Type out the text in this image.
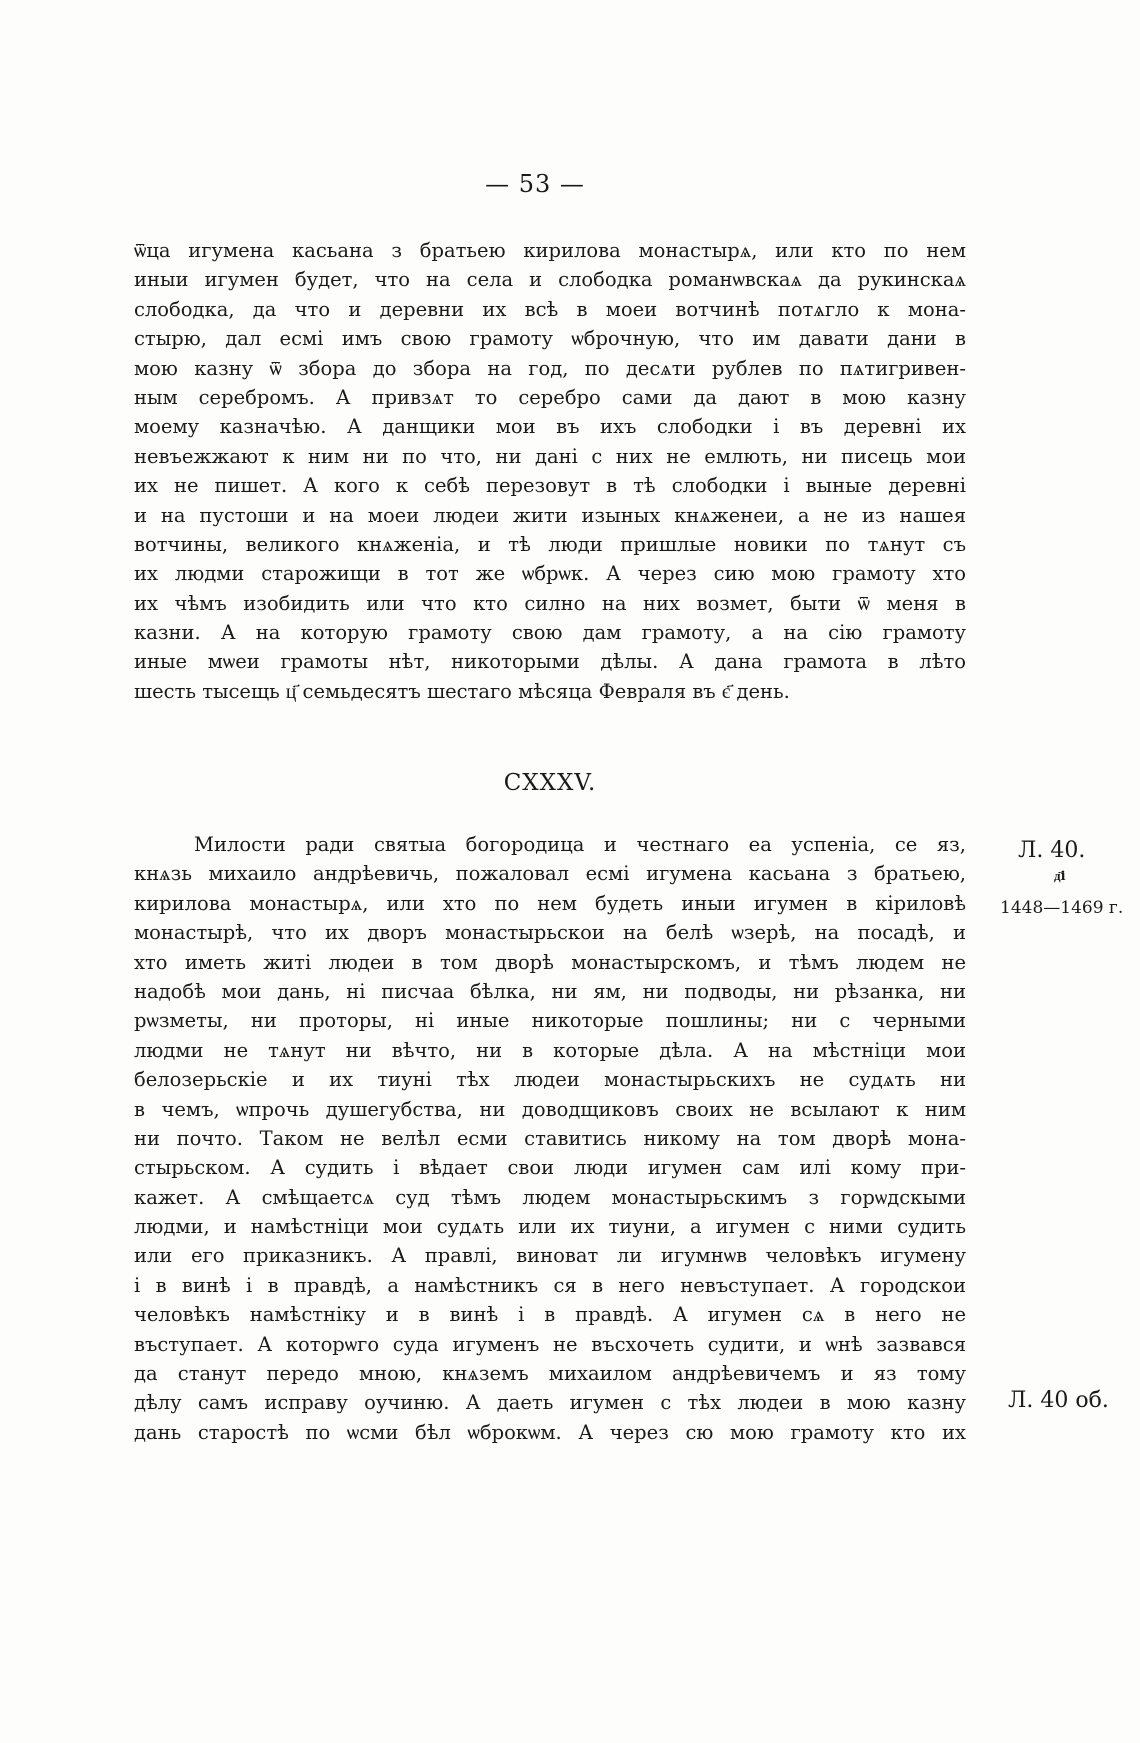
— 53 —
ѿца игумена касьана з братьею кирилова монастырѧ, или кто по нем
иныи игумен будет, что на села и слободка романѡвскаѧ да рукинскаѧ
слободка, да что и деревни их всѣ в моеи вотчинѣ потѧгло к мона-
стырю, дал есмі имъ свою грамоту ѡброчную, что им давати дани в
мою казну ѿ збора до збора на год, по десѧти рублев по пѧтигривен-
ным серебромъ. А привзѧт то серебро сами да дают в мою казну
моему казначѣю. А данщики мои въ ихъ слободки і въ деревні их
невъежжают к ним ни по что, ни дані с них не емлють, ни писець мои
их не пишет. А кого к себѣ перезовут в тѣ слободки і выные деревні
и на пустоши и на моеи людеи жити изыных кнѧженеи, а не из нашея
вотчины, великого кнѧженіа, и тѣ люди пришлые новики по тѧнут съ
их людми старожищи в тот же ѡбрѡк. А через сию мою грамоту хто
их чѣмъ изобидить или что кто силно на них возмет, быти ѿ меня в
казни. А на которую грамоту свою дам грамоту, а на сію грамоту
иные мѡеи грамоты нѣт, никоторыми дѣлы. А дана грамота в лѣто
шесть тысещь ц҃ семьдесятъ шестаго мѣсяца Февраля въ є҃ день.
CXXXV.
Милости ради святыа богородица и честнаго еа успеніа, се яз,
кнѧзь михаило андрѣевичь, пожаловал есмі игумена касьана з братьею,
кирилова монастырѧ, или хто по нем будеть иныи игумен в кіриловѣ
монастырѣ, что их дворъ монастырьскои на белѣ ѡзерѣ, на посадѣ, и
хто иметь житі людеи в том дворѣ монастырскомъ, и тѣмъ людем не
надобѣ мои дань, ні писчаа бѣлка, ни ям, ни подводы, ни рѣзанка, ни
рѡзметы, ни проторы, ні иные никоторые пошлины; ни с черными
людми не тѧнут ни вѣчто, ни в которые дѣла. А на мѣстніци мои
белозерьскіе и их тиуні тѣх людеи монастырьскихъ не судѧть ни
в чемъ, ѡпрочь душегубства, ни доводщиковъ своих не всылают к ним
ни почто. Таком не велѣл есми ставитись никому на том дворѣ мона-
стырьском. А судить і вѣдает свои люди игумен сам илі кому при-
кажет. А смѣщаетсѧ суд тѣмъ людем монастырьскимъ з горѡдскыми
людми, и намѣстніци мои судѧть или их тиуни, а игумен с ними судить
или его приказникъ. А правлі, виноват ли игумнѡв человѣкъ игумену
і в винѣ і в правдѣ, а намѣстникъ ся в него невъступает. А городскои
человѣкъ намѣстніку и в винѣ і в правдѣ. А игумен сѧ в него не
въступает. А которѡго суда игуменъ не въсхочеть судити, и ѡнѣ зазвався
да станут передо мною, кнѧземъ михаилом андрѣевичемъ и яз тому
дѣлу самъ исправу оучиню. А даеть игумен с тѣх людеи в мою казну
дань старостѣ по ѡсми бѣл ѡброкѡм. А через сю мою грамоту кто их
Л. 40.
д҃і
1448—1469 г.
Л. 40 об.
